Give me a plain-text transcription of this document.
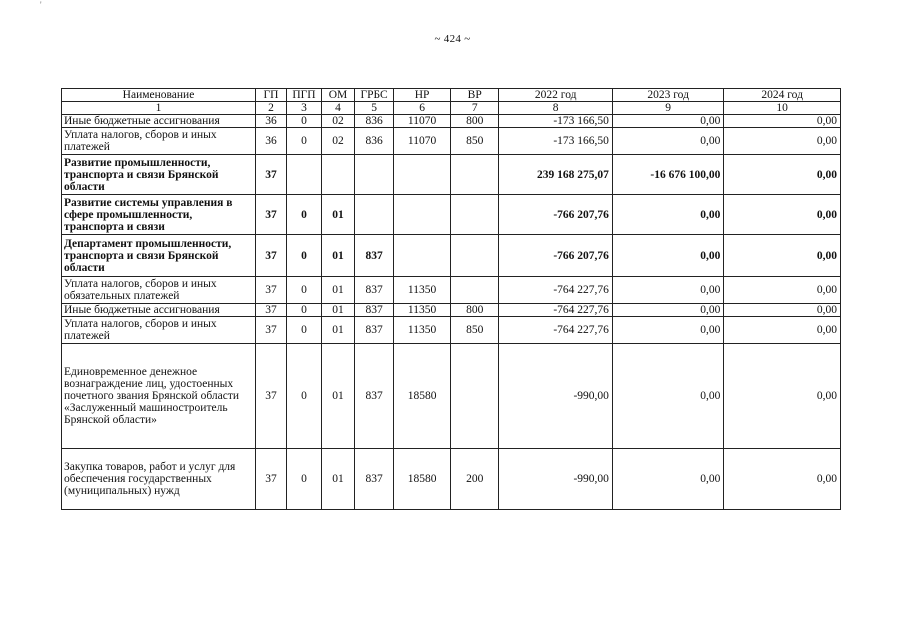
'
~ 424 ~
Наименование	ГП	ПГП	ОМ	ГРБС	НР	ВР	2022 год	2023 год	2024 год
1	2	3	4	5	6	7	8	9	10
Иные бюджетные ассигнования	36	0	02	836	11070	800	-173 166,50	0,00	0,00
Уплата налогов, сборов и иных платежей	36	0	02	836	11070	850	-173 166,50	0,00	0,00
Развитие промышленности, транспорта и связи Брянской области	37						239 168 275,07	-16 676 100,00	0,00
Развитие системы управления в сфере промышленности, транспорта и связи	37	0	01				-766 207,76	0,00	0,00
Департамент промышленности, транспорта и связи Брянской области	37	0	01	837			-766 207,76	0,00	0,00
Уплата налогов, сборов и иных обязательных платежей	37	0	01	837	11350		-764 227,76	0,00	0,00
Иные бюджетные ассигнования	37	0	01	837	11350	800	-764 227,76	0,00	0,00
Уплата налогов, сборов и иных платежей	37	0	01	837	11350	850	-764 227,76	0,00	0,00
Единовременное денежное вознаграждение лиц, удостоенных почетного звания Брянской области «Заслуженный машиностроитель Брянской области»	37	0	01	837	18580		-990,00	0,00	0,00
Закупка товаров, работ и услуг для обеспечения государственных (муниципальных) нужд	37	0	01	837	18580	200	-990,00	0,00	0,00
